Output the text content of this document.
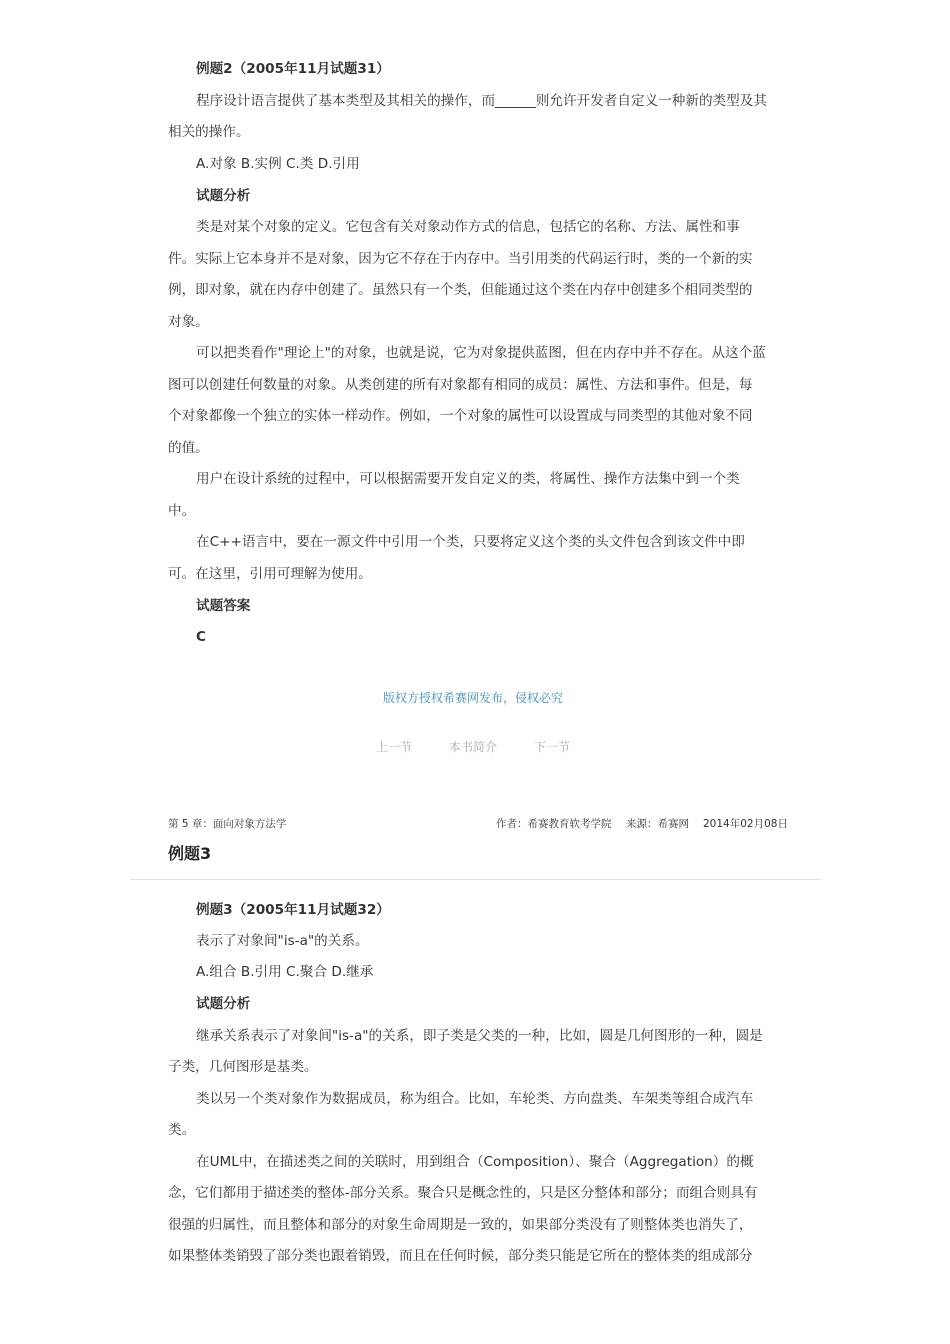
例题2（2005年11月试题31）
程序设计语言提供了基本类型及其相关的操作，而______则允许开发者自定义一种新的类型及其
相关的操作。
A.对象 B.实例 C.类 D.引用
试题分析
类是对某个对象的定义。它包含有关对象动作方式的信息，包括它的名称、方法、属性和事
件。实际上它本身并不是对象，因为它不存在于内存中。当引用类的代码运行时，类的一个新的实
例，即对象，就在内存中创建了。虽然只有一个类，但能通过这个类在内存中创建多个相同类型的
对象。
可以把类看作"理论上"的对象，也就是说，它为对象提供蓝图，但在内存中并不存在。从这个蓝
图可以创建任何数量的对象。从类创建的所有对象都有相同的成员：属性、方法和事件。但是，每
个对象都像一个独立的实体一样动作。例如，一个对象的属性可以设置成与同类型的其他对象不同
的值。
用户在设计系统的过程中，可以根据需要开发自定义的类，将属性、操作方法集中到一个类
中。
在C++语言中，要在一源文件中引用一个类，只要将定义这个类的头文件包含到该文件中即
可。在这里，引用可理解为使用。
试题答案
C
版权方授权希赛网发布，侵权必究
上一节	本书简介	下一节
第 5 章：面向对象方法学	作者：希赛教育软考学院 来源：希赛网 2014年02月08日
例题3
例题3（2005年11月试题32）
表示了对象间"is-a"的关系。
A.组合 B.引用 C.聚合 D.继承
试题分析
继承关系表示了对象间"is-a"的关系，即子类是父类的一种，比如，圆是几何图形的一种，圆是
子类，几何图形是基类。
类以另一个类对象作为数据成员，称为组合。比如，车轮类、方向盘类、车架类等组合成汽车
类。
在UML中，在描述类之间的关联时，用到组合（Composition）、聚合（Aggregation）的概
念，它们都用于描述类的整体-部分关系。聚合只是概念性的，只是区分整体和部分；而组合则具有
很强的归属性，而且整体和部分的对象生命周期是一致的，如果部分类没有了则整体类也消失了，
如果整体类销毁了部分类也跟着销毁，而且在任何时候，部分类只能是它所在的整体类的组成部分
